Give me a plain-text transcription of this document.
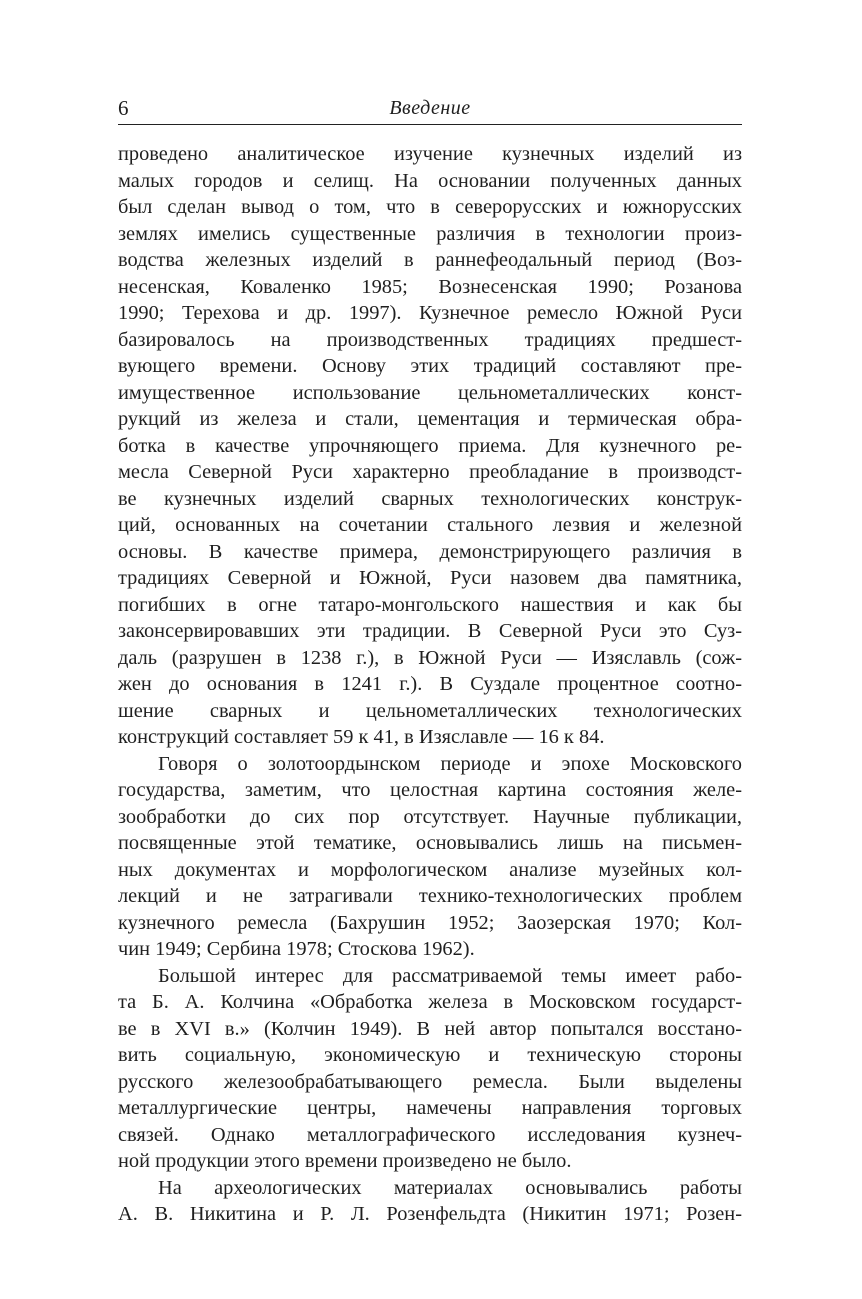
6	Введение
проведено аналитическое изучение кузнечных изделий из
малых городов и селищ. На основании полученных данных
был сделан вывод о том, что в северорусских и южнорусских
землях имелись существенные различия в технологии произ-
водства железных изделий в раннефеодальный период (Воз-
несенская, Коваленко 1985; Вознесенская 1990; Розанова
1990; Терехова и др. 1997). Кузнечное ремесло Южной Руси
базировалось на производственных традициях предшест-
вующего времени. Основу этих традиций составляют пре-
имущественное использование цельнометаллических конст-
рукций из железа и стали, цементация и термическая обра-
ботка в качестве упрочняющего приема. Для кузнечного ре-
месла Северной Руси характерно преобладание в производст-
ве кузнечных изделий сварных технологических конструк-
ций, основанных на сочетании стального лезвия и железной
основы. В качестве примера, демонстрирующего различия в
традициях Северной и Южной, Руси назовем два памятника,
погибших в огне татаро-монгольского нашествия и как бы
законсервировавших эти традиции. В Северной Руси это Суз-
даль (разрушен в 1238 г.), в Южной Руси — Изяславль (сож-
жен до основания в 1241 г.). В Суздале процентное соотно-
шение сварных и цельнометаллических технологических
конструкций составляет 59 к 41, в Изяславле — 16 к 84.
Говоря о золотоордынском периоде и эпохе Московского
государства, заметим, что целостная картина состояния желе-
зообработки до сих пор отсутствует. Научные публикации,
посвященные этой тематике, основывались лишь на письмен-
ных документах и морфологическом анализе музейных кол-
лекций и не затрагивали технико-технологических проблем
кузнечного ремесла (Бахрушин 1952; Заозерская 1970; Кол-
чин 1949; Сербина 1978; Стоскова 1962).
Большой интерес для рассматриваемой темы имеет рабо-
та Б. А. Колчина «Обработка железа в Московском государст-
ве в XVI в.» (Колчин 1949). В ней автор попытался восстано-
вить социальную, экономическую и техническую стороны
русского железообрабатывающего ремесла. Были выделены
металлургические центры, намечены направления торговых
связей. Однако металлографического исследования кузнеч-
ной продукции этого времени произведено не было.
На археологических материалах основывались работы
А. В. Никитина и Р. Л. Розенфельдта (Никитин 1971; Розен-
